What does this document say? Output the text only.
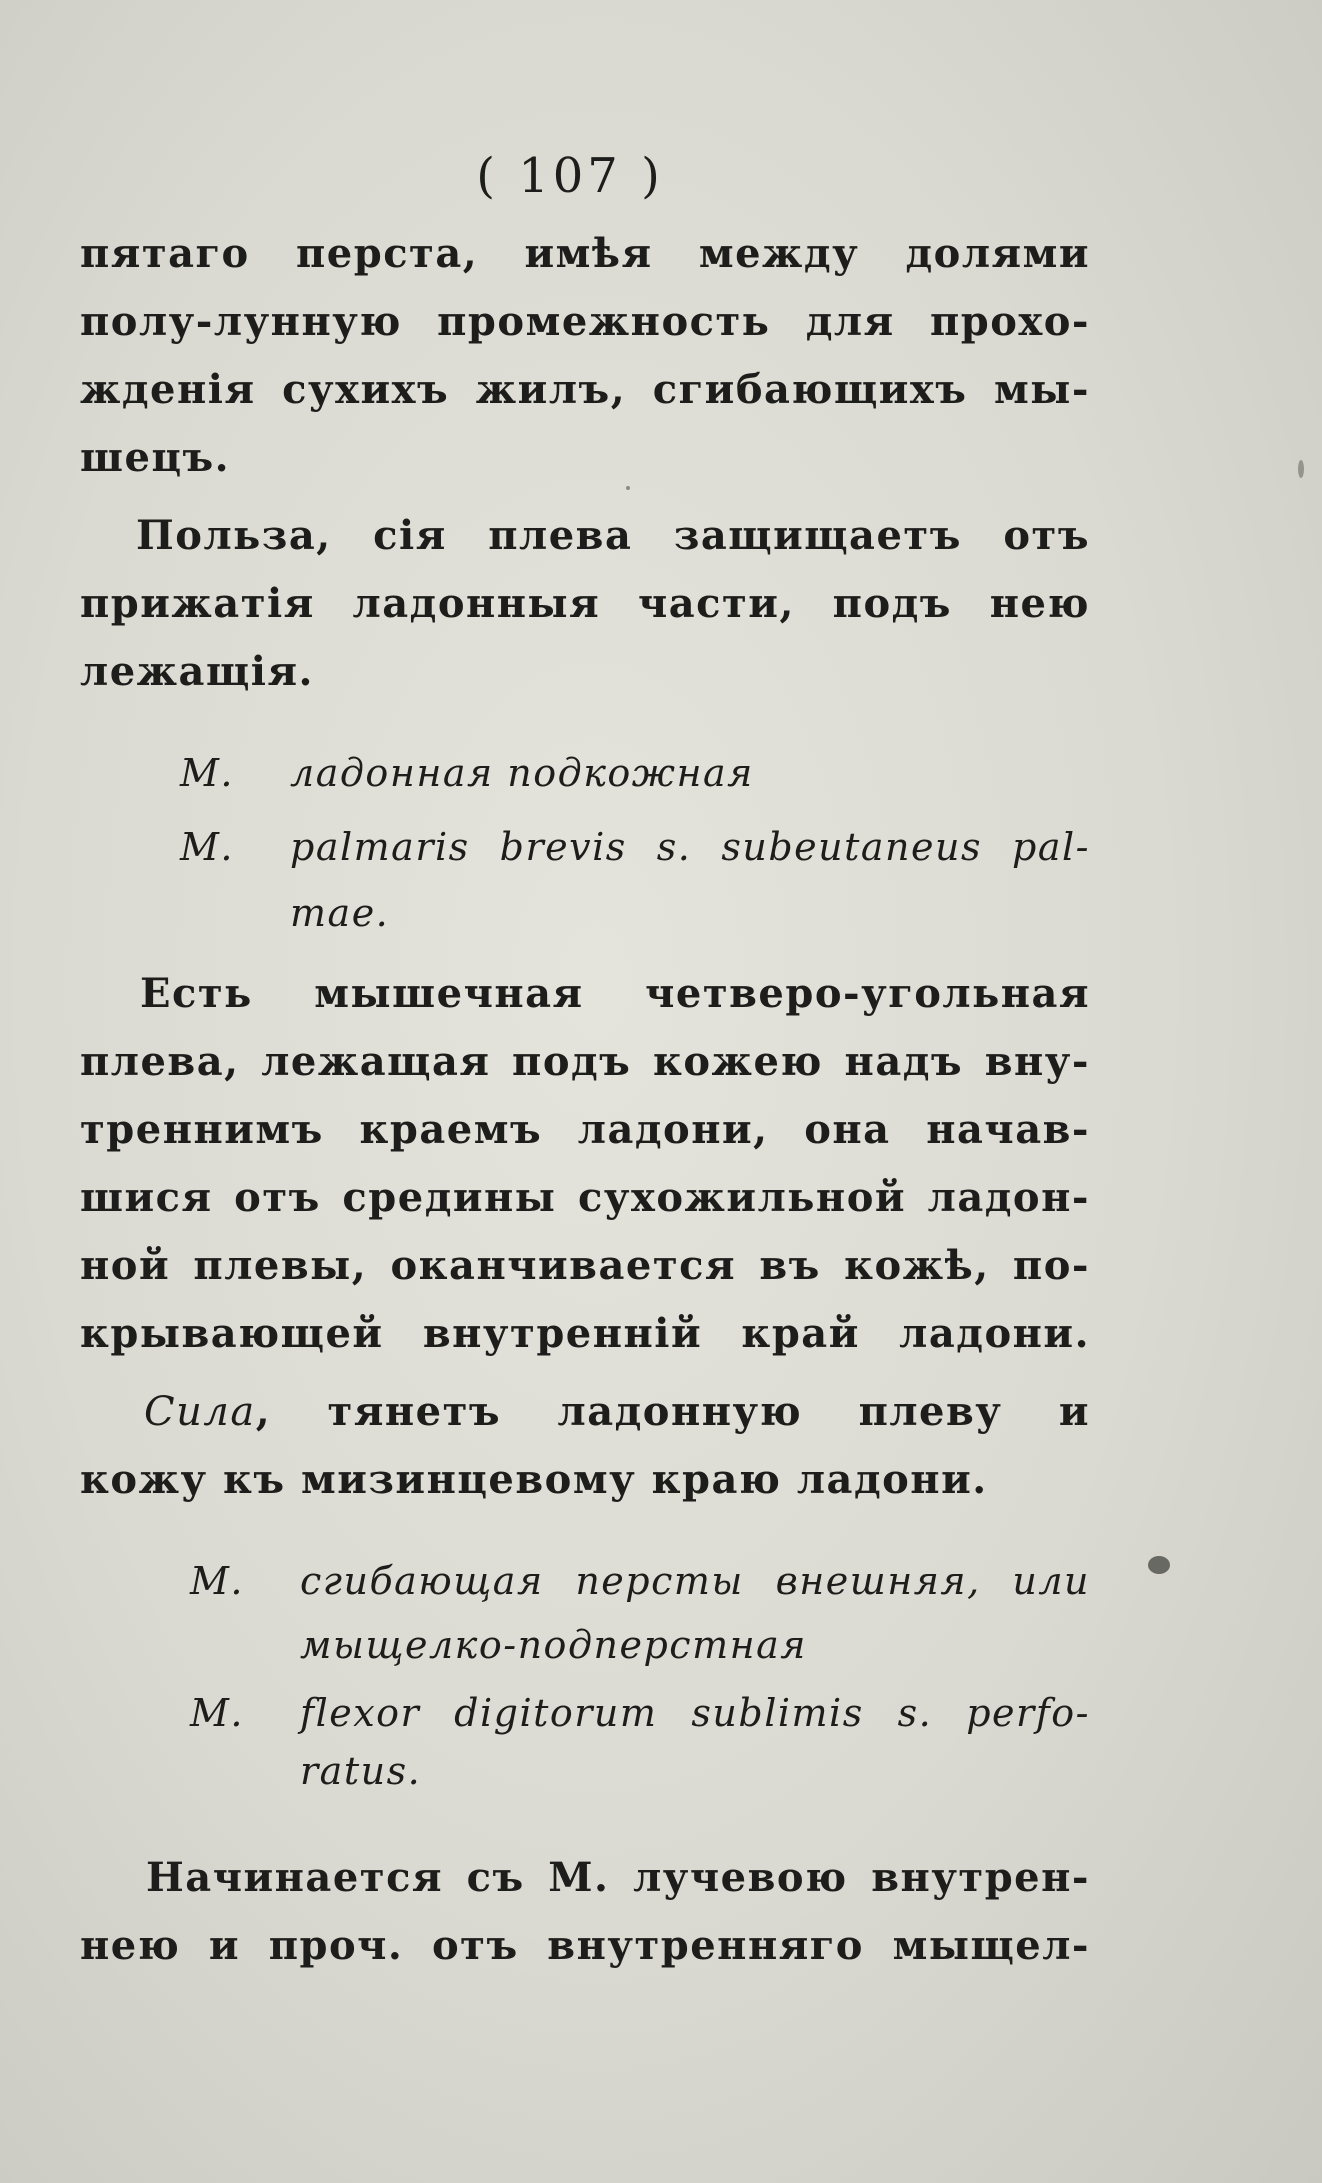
( 107 )
пятаго перста, имѣя между долями
полу-лунную промежность для прохо-
жденія сухихъ жилъ, сгибающихъ мы-
шецъ.
Польза, сія плева защищаетъ отъ
прижатія ладонныя части, подъ нею
лежащія.
М. ладонная подкожная
М. palmaris brevis s. subeutaneus pal-
mae.
Есть мышечная четверо-угольная
плева, лежащая подъ кожею надъ вну-
треннимъ краемъ ладони, она начав-
шися отъ средины сухожильной ладон-
ной плевы, оканчивается въ кожѣ, по-
крывающей внутренній край ладони.
Сила, тянетъ ладонную плеву и
кожу къ мизинцевому краю ладони.
М. сгибающая персты внешняя, или
мыщелко-подперстная
М. flexor digitorum sublimis s. perfo-
ratus.
Начинается съ М. лучевою внутрен-
нею и проч. отъ внутренняго мыщел-
